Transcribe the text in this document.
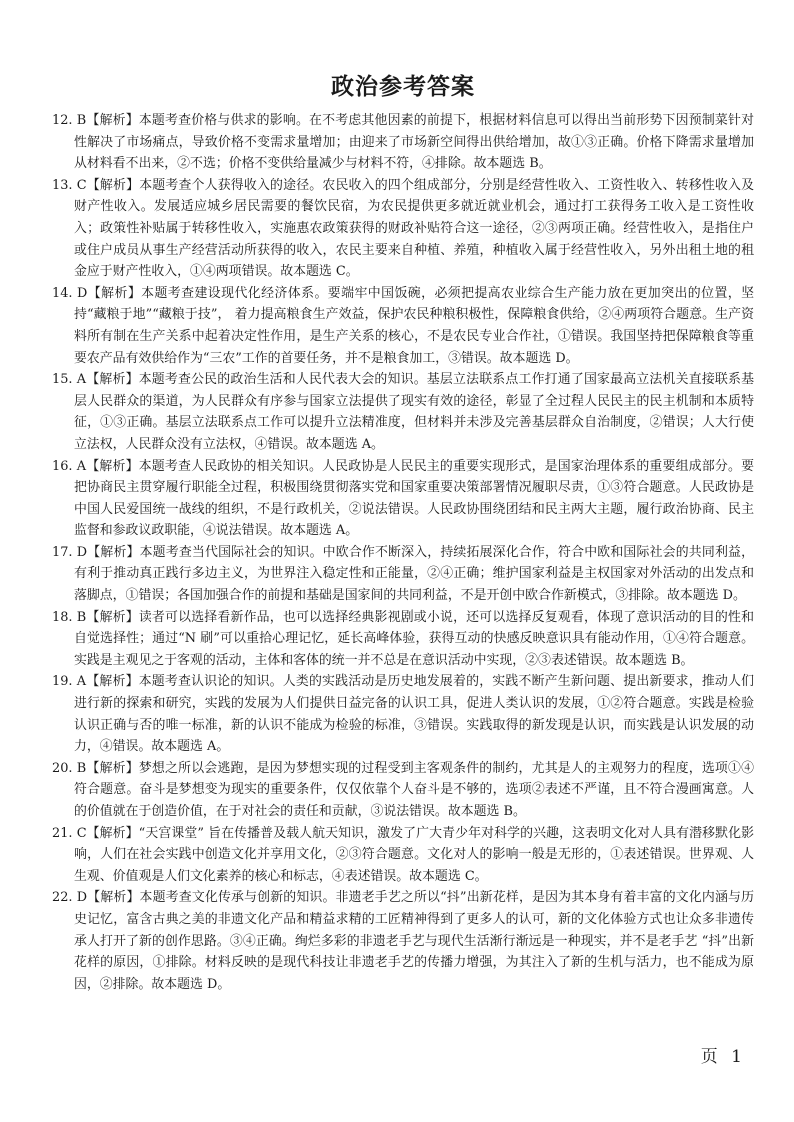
政治参考答案

12. B【解析】本题考查价格与供求的影响。在不考虑其他因素的前提下，根据材料信息可以得出当前形势下因预制菜针对性解决了市场痛点，导致价格不变需求量增加；由迎来了市场新空间得出供给增加，故①③正确。价格下降需求量增加从材料看不出来，②不选；价格不变供给量减少与材料不符，④排除。故本题选 B。

13. C【解析】本题考查个人获得收入的途径。农民收入的四个组成部分，分别是经营性收入、工资性收入、转移性收入及财产性收入。发展适应城乡居民需要的餐饮民宿，为农民提供更多就近就业机会，通过打工获得务工收入是工资性收入；政策性补贴属于转移性收入，实施惠农政策获得的财政补贴符合这一途径，②③两项正确。经营性收入，是指住户或住户成员从事生产经营活动所获得的收入，农民主要来自种植、养殖，种植收入属于经营性收入，另外出租土地的租金应于财产性收入，①④两项错误。故本题选 C。

14. D【解析】本题考查建设现代化经济体系。要端牢中国饭碗，必须把提高农业综合生产能力放在更加突出的位置，坚持“藏粮于地”“藏粮于技”， 着力提高粮食生产效益，保护农民种粮积极性，保障粮食供给，②④两项符合题意。生产资料所有制在生产关系中起着决定性作用，是生产关系的核心，不是农民专业合作社，①错误。我国坚持把保障粮食等重要农产品有效供给作为“三农”工作的首要任务，并不是粮食加工，③错误。故本题选 D。

15. A【解析】本题考查公民的政治生活和人民代表大会的知识。基层立法联系点工作打通了国家最高立法机关直接联系基层人民群众的渠道，为人民群众有序参与国家立法提供了现实有效的途径，彰显了全过程人民民主的民主机制和本质特征，①③正确。基层立法联系点工作可以提升立法精准度，但材料并未涉及完善基层群众自治制度，②错误；人大行使立法权，人民群众没有立法权，④错误。故本题选 A。

16. A【解析】本题考查人民政协的相关知识。人民政协是人民民主的重要实现形式，是国家治理体系的重要组成部分。要把协商民主贯穿履行职能全过程，积极围绕贯彻落实党和国家重要决策部署情况履职尽责，①③符合题意。人民政协是中国人民爱国统一战线的组织，不是行政机关，②说法错误。人民政协围绕团结和民主两大主题，履行政治协商、民主监督和参政议政职能，④说法错误。故本题选 A。

17. D【解析】本题考查当代国际社会的知识。中欧合作不断深入，持续拓展深化合作，符合中欧和国际社会的共同利益，有利于推动真正践行多边主义，为世界注入稳定性和正能量，②④正确；维护国家利益是主权国家对外活动的出发点和落脚点，①错误；各国加强合作的前提和基础是国家间的共同利益，不是开创中欧合作新模式，③排除。故本题选 D。

18. B【解析】读者可以选择看新作品，也可以选择经典影视剧或小说，还可以选择反复观看，体现了意识活动的目的性和自觉选择性；通过“N 刷”可以重拾心理记忆，延长高峰体验，获得互动的快感反映意识具有能动作用，①④符合题意。实践是主观见之于客观的活动，主体和客体的统一并不总是在意识活动中实现，②③表述错误。故本题选 B。

19. A【解析】本题考查认识论的知识。人类的实践活动是历史地发展着的，实践不断产生新问题、提出新要求，推动人们进行新的探索和研究，实践的发展为人们提供日益完备的认识工具，促进人类认识的发展，①②符合题意。实践是检验认识正确与否的唯一标准，新的认识不能成为检验的标准，③错误。实践取得的新发现是认识，而实践是认识发展的动力，④错误。故本题选 A。

20. B【解析】梦想之所以会逃跑，是因为梦想实现的过程受到主客观条件的制约，尤其是人的主观努力的程度，选项①④符合题意。奋斗是梦想变为现实的重要条件，仅仅依靠个人奋斗是不够的，选项②表述不严谨，且不符合漫画寓意。人的价值就在于创造价值，在于对社会的责任和贡献，③说法错误。故本题选 B。

21. C【解析】“天宫课堂” 旨在传播普及载人航天知识，激发了广大青少年对科学的兴趣，这表明文化对人具有潜移默化影响，人们在社会实践中创造文化并享用文化，②③符合题意。文化对人的影响一般是无形的，①表述错误。世界观、人生观、价值观是人们文化素养的核心和标志，④表述错误。故本题选 C。

22. D【解析】本题考查文化传承与创新的知识。非遗老手艺之所以“抖”出新花样，是因为其本身有着丰富的文化内涵与历史记忆，富含古典之美的非遗文化产品和精益求精的工匠精神得到了更多人的认可，新的文化体验方式也让众多非遗传承人打开了新的创作思路。③④正确。绚烂多彩的非遗老手艺与现代生活渐行渐远是一种现实，并不是老手艺 “抖”出新花样的原因，①排除。材料反映的是现代科技让非遗老手艺的传播力增强，为其注入了新的生机与活力，也不能成为原因，②排除。故本题选 D。

页 1
